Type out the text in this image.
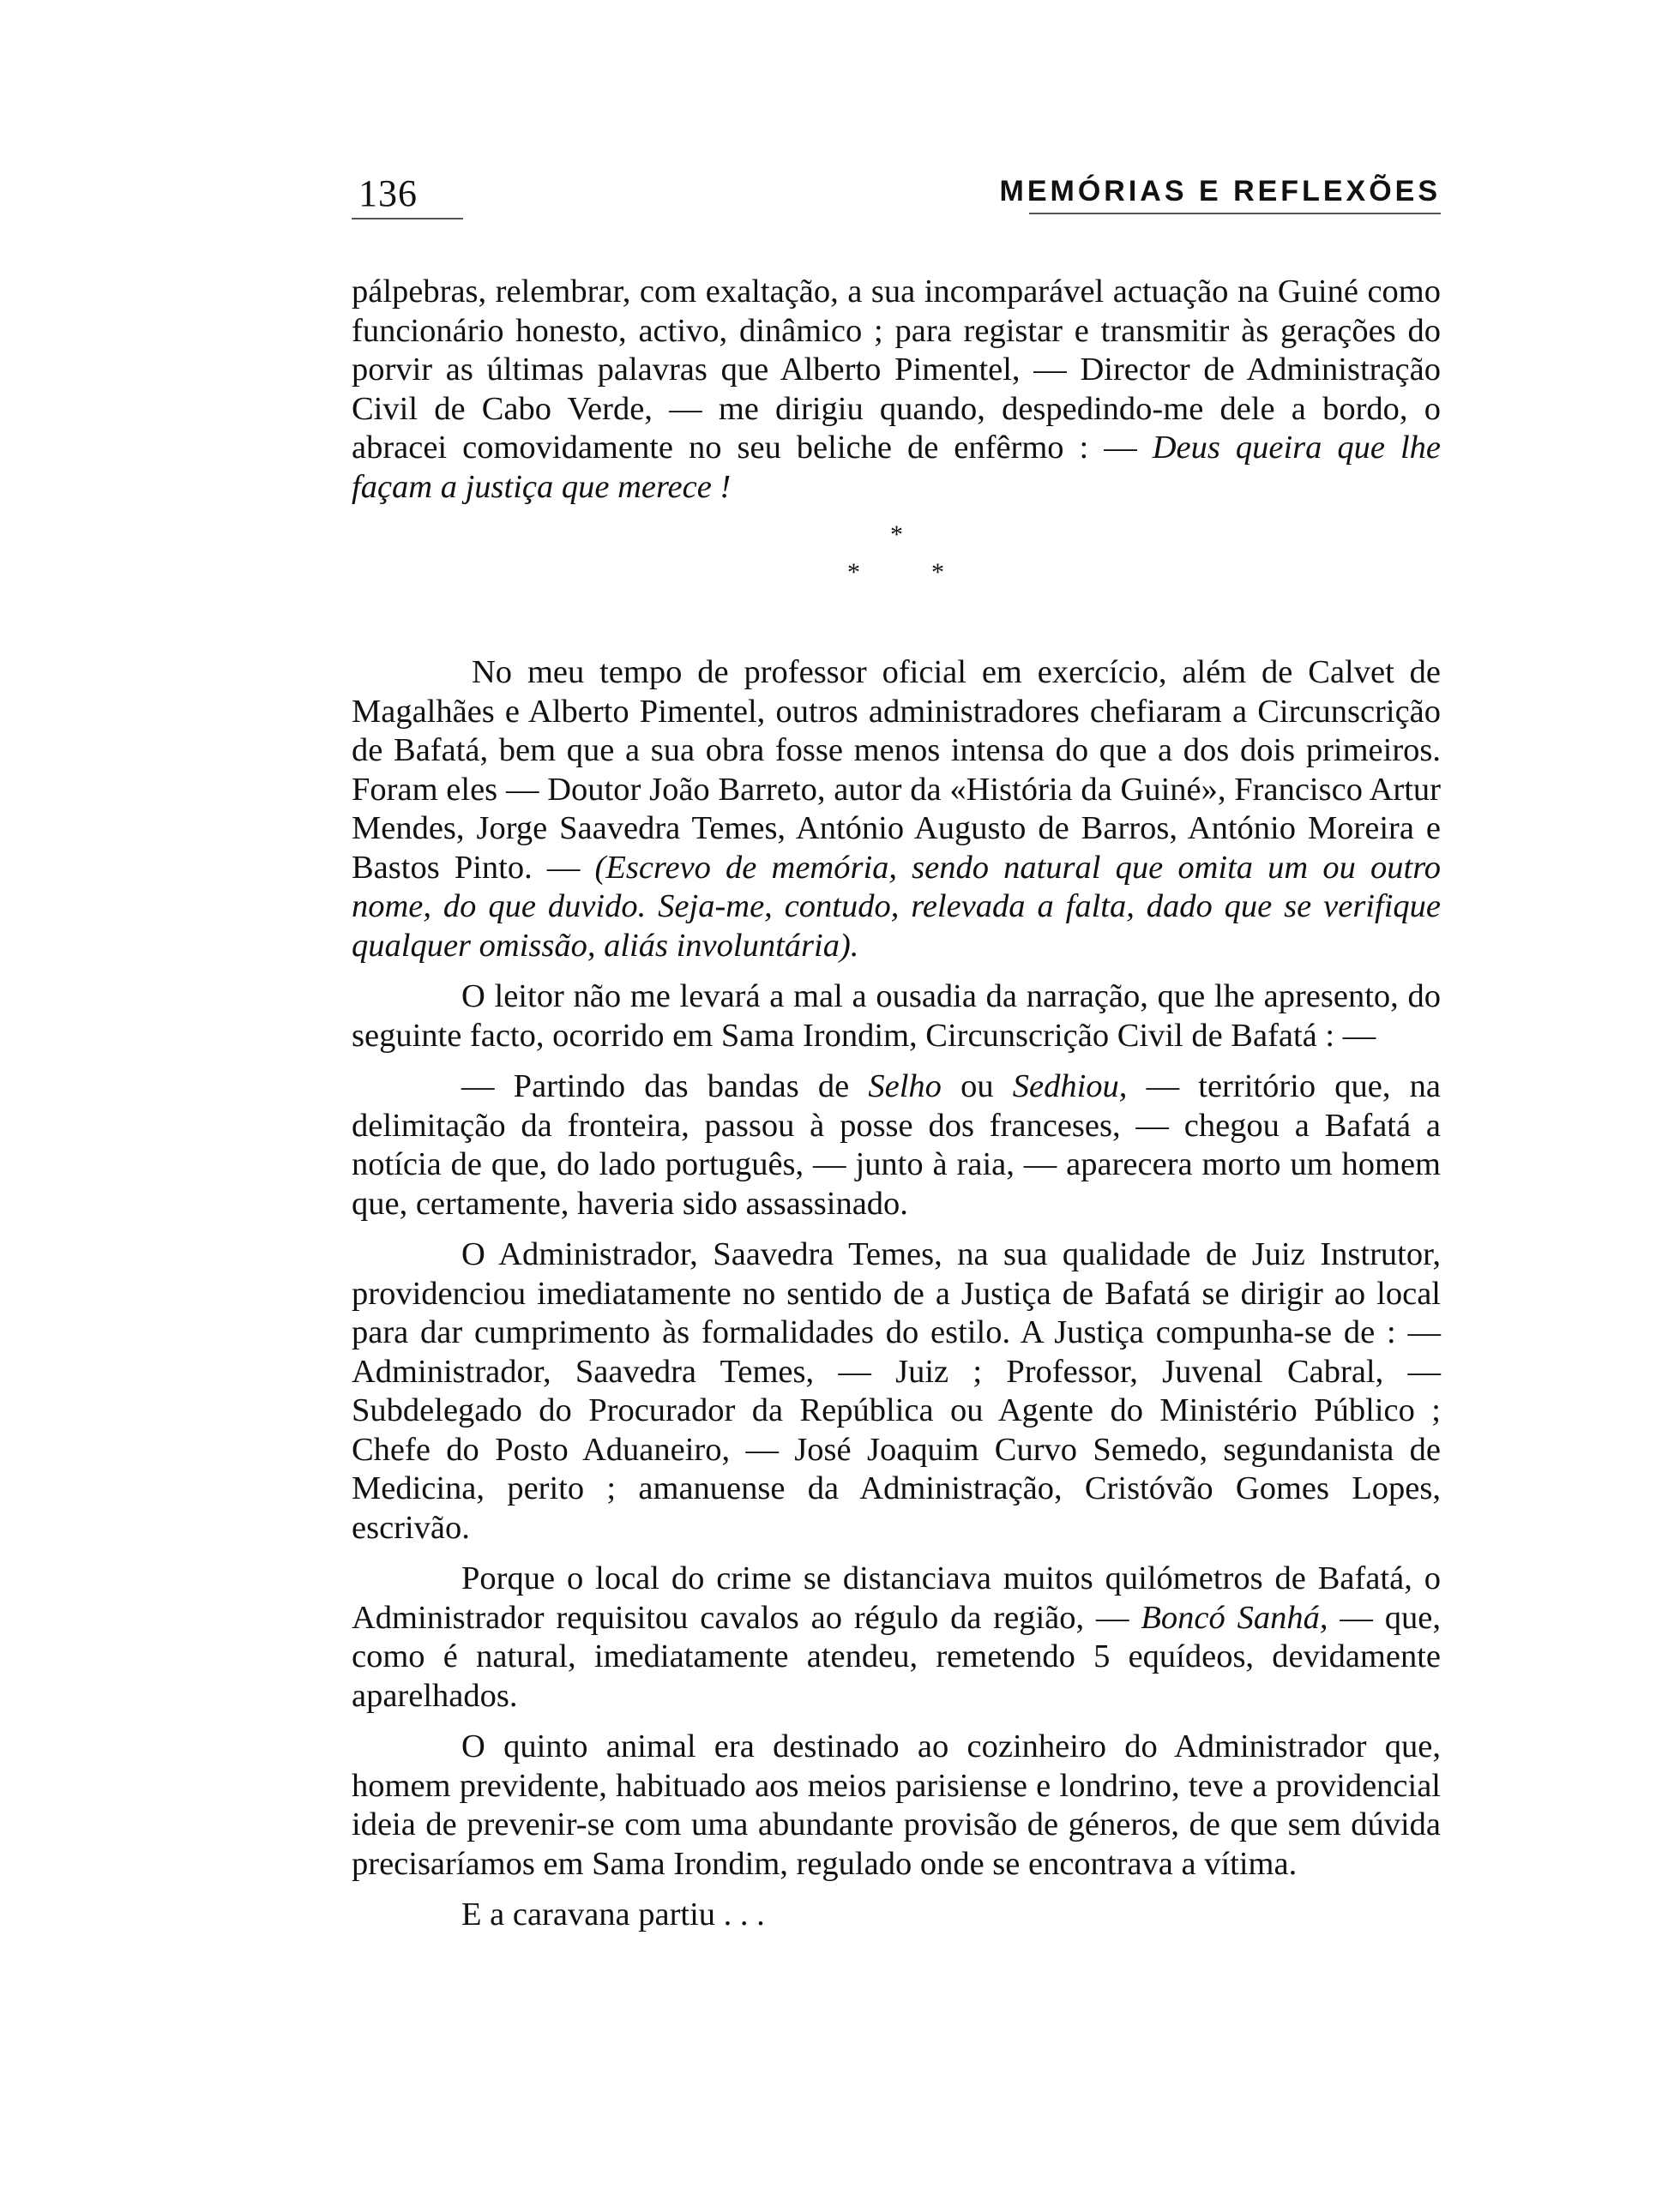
136	MEMÓRIAS E REFLEXÕES

pálpebras, relembrar, com exaltação, a sua incomparável actuação na Guiné como funcionário honesto, activo, dinâmico ; para registar e transmitir às gerações do porvir as últimas palavras que Alberto Pimentel, — Director de Administração Civil de Cabo Verde, — me dirigiu quando, despedindo-me dele a bordo, o abracei comovidamente no seu beliche de enfêrmo : — Deus queira que lhe façam a justiça que merece !

*
*	*

No meu tempo de professor oficial em exercício, além de Calvet de Magalhães e Alberto Pimentel, outros administradores chefiaram a Circunscrição de Bafatá, bem que a sua obra fosse menos intensa do que a dos dois primeiros. Foram eles — Doutor João Barreto, autor da «História da Guiné», Francisco Artur Mendes, Jorge Saavedra Temes, António Augusto de Barros, António Moreira e Bastos Pinto. — (Escrevo de memória, sendo natural que omita um ou outro nome, do que duvido. Seja-me, contudo, relevada a falta, dado que se verifique qualquer omissão, aliás involuntária).

O leitor não me levará a mal a ousadia da narração, que lhe apresento, do seguinte facto, ocorrido em Sama Irondim, Circunscrição Civil de Bafatá : —

— Partindo das bandas de Selho ou Sedhiou, — território que, na delimitação da fronteira, passou à posse dos franceses, — chegou a Bafatá a notícia de que, do lado português, — junto à raia, — aparecera morto um homem que, certamente, haveria sido assassinado.

O Administrador, Saavedra Temes, na sua qualidade de Juiz Instrutor, providenciou imediatamente no sentido de a Justiça de Bafatá se dirigir ao local para dar cumprimento às formalidades do estilo. A Justiça compunha-se de : — Administrador, Saavedra Temes, — Juiz ; Professor, Juvenal Cabral, — Subdelegado do Procurador da República ou Agente do Ministério Público ; Chefe do Posto Aduaneiro, — José Joaquim Curvo Semedo, segundanista de Medicina, perito ; amanuense da Administração, Cristóvão Gomes Lopes, escrivão.

Porque o local do crime se distanciava muitos quilómetros de Bafatá, o Administrador requisitou cavalos ao régulo da região, — Boncó Sanhá, — que, como é natural, imediatamente atendeu, remetendo 5 equídeos, devidamente aparelhados.

O quinto animal era destinado ao cozinheiro do Administrador que, homem previdente, habituado aos meios parisiense e londrino, teve a providencial ideia de prevenir-se com uma abundante provisão de géneros, de que sem dúvida precisaríamos em Sama Irondim, regulado onde se encontrava a vítima.

E a caravana partiu . . .
